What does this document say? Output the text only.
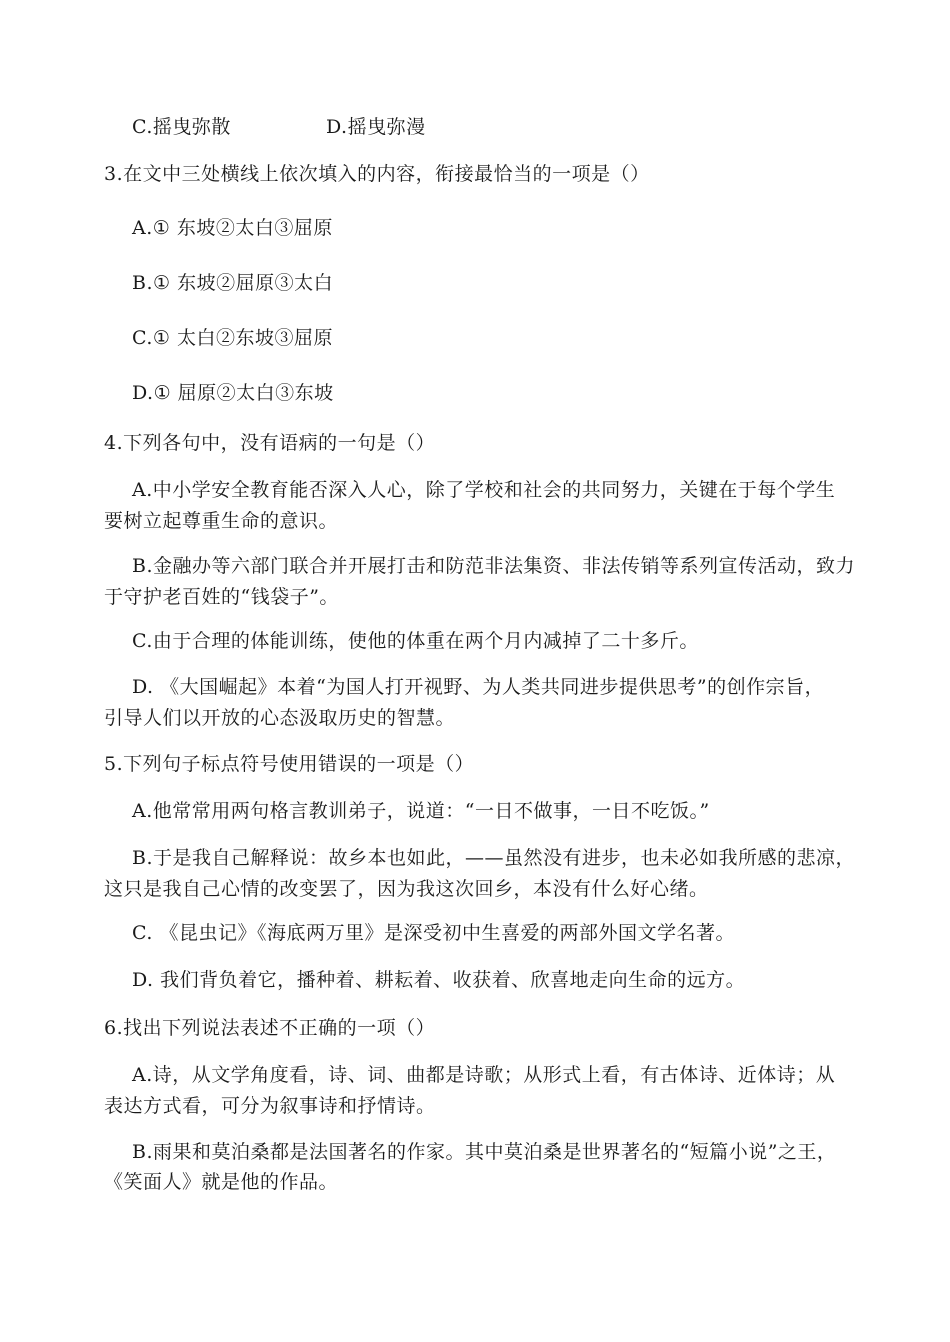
C.摇曳弥散	D.摇曳弥漫
3.在文中三处横线上依次填入的内容，衔接最恰当的一项是（）
A.① 东坡②太白③屈原
B.① 东坡②屈原③太白
C.① 太白②东坡③屈原
D.① 屈原②太白③东坡
4.下列各句中，没有语病的一句是（）
A.中小学安全教育能否深入人心，除了学校和社会的共同努力，关键在于每个学生
要树立起尊重生命的意识。
B.金融办等六部门联合并开展打击和防范非法集资、非法传销等系列宣传活动，致力
于守护老百姓的“钱袋子”。
C.由于合理的体能训练，使他的体重在两个月内减掉了二十多斤。
D. 《大国崛起》本着“为国人打开视野、为人类共同进步提供思考”的创作宗旨，
引导人们以开放的心态汲取历史的智慧。
5.下列句子标点符号使用错误的一项是（）
A.他常常用两句格言教训弟子，说道：“一日不做事，一日不吃饭。”
B.于是我自己解释说：故乡本也如此，——虽然没有进步，也未必如我所感的悲凉，
这只是我自己心情的改变罢了，因为我这次回乡，本没有什么好心绪。
C. 《昆虫记》《海底两万里》是深受初中生喜爱的两部外国文学名著。
D. 我们背负着它，播种着、耕耘着、收获着、欣喜地走向生命的远方。
6.找出下列说法表述不正确的一项（）
A.诗，从文学角度看，诗、词、曲都是诗歌；从形式上看，有古体诗、近体诗；从
表达方式看，可分为叙事诗和抒情诗。
B.雨果和莫泊桑都是法国著名的作家。其中莫泊桑是世界著名的“短篇小说”之王，
《笑面人》就是他的作品。
